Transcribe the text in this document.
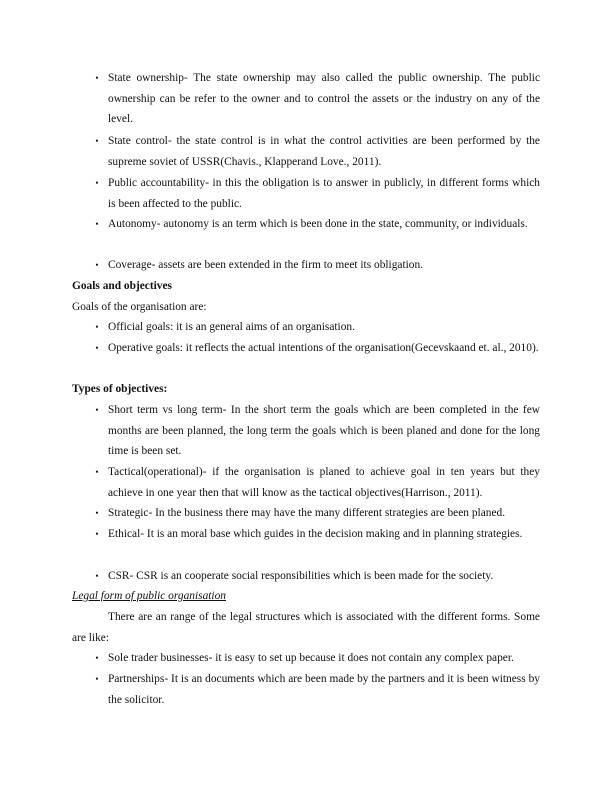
• State ownership- The state ownership may also called the public ownership. The public ownership can be refer to the owner and to control the assets or the industry on any of the level.
• State control- the state control is in what the control activities are been performed by the supreme soviet of USSR(Chavis., Klapperand Love., 2011).
• Public accountability- in this the obligation is to answer in publicly, in different forms which is been affected to the public.
• Autonomy- autonomy is an term which is been done in the state, community, or individuals.
• Coverage- assets are been extended in the firm to meet its obligation.
Goals and objectives
Goals of the organisation are:
• Official goals: it is an general aims of an organisation.
• Operative goals: it reflects the actual intentions of the organisation(Gecevskaand et. al., 2010).
Types of objectives:
• Short term vs long term- In the short term the goals which are been completed in the few months are been planned, the long term the goals which is been planed and done for the long time is been set.
• Tactical(operational)- if the organisation is planed to achieve goal in ten years but they achieve in one year then that will know as the tactical objectives(Harrison., 2011).
• Strategic- In the business there may have the many different strategies are been planed.
• Ethical- It is an moral base which guides in the decision making and in planning strategies.
• CSR- CSR is an cooperate social responsibilities which is been made for the society.
Legal form of public organisation
There are an range of the legal structures which is associated with the different forms. Some are like:
• Sole trader businesses- it is easy to set up because it does not contain any complex paper.
• Partnerships- It is an documents which are been made by the partners and it is been witness by the solicitor.
